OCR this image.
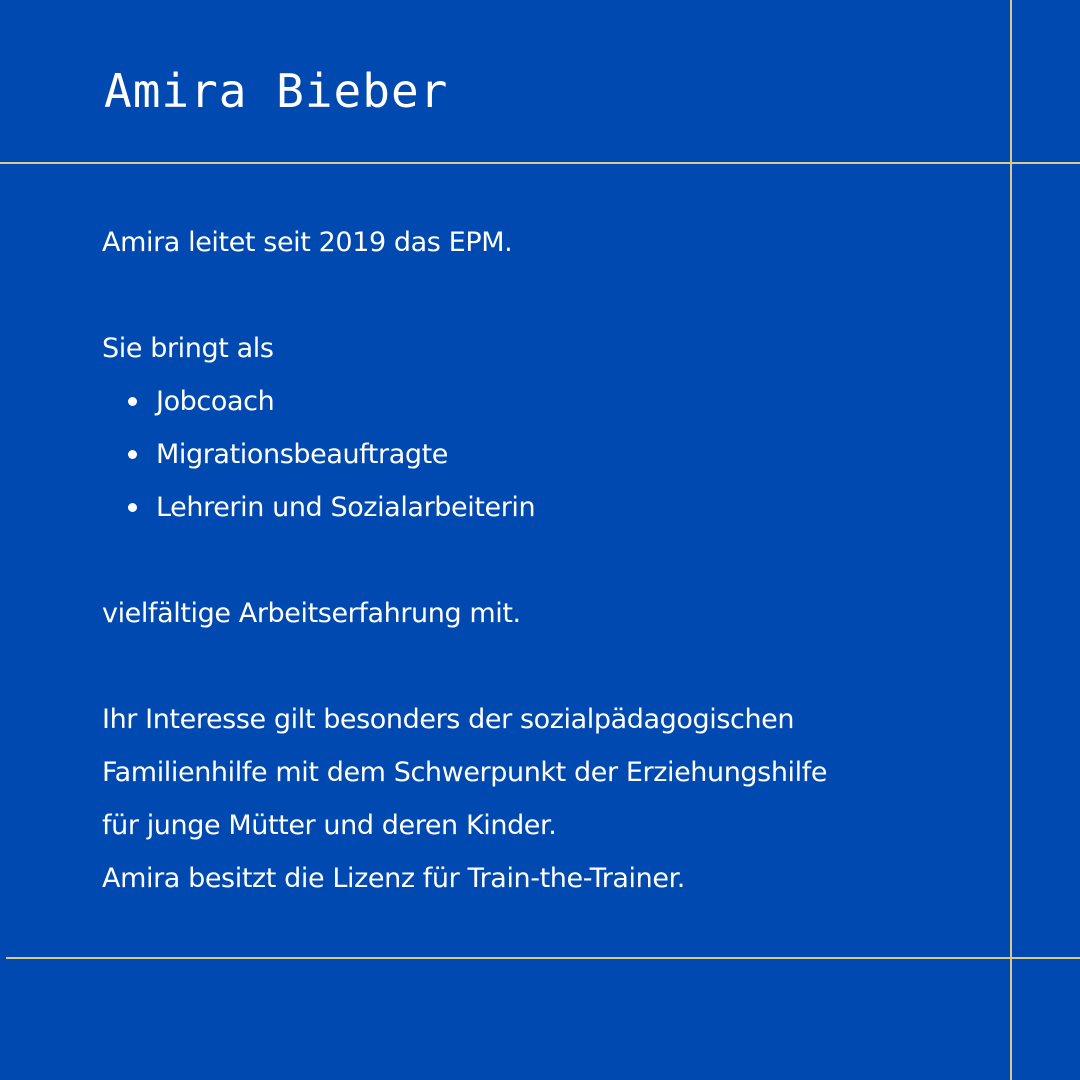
Amira Bieber

Amira leitet seit 2019 das EPM.

Sie bringt als

Jobcoach
Migrationsbeauftragte
Lehrerin und Sozialarbeiterin

vielfältige Arbeitserfahrung mit.

Ihr Interesse gilt besonders der sozialpädagogischen

Familienhilfe mit dem Schwerpunkt der Erziehungshilfe

für junge Mütter und deren Kinder.

Amira besitzt die Lizenz für Train-the-Trainer.
